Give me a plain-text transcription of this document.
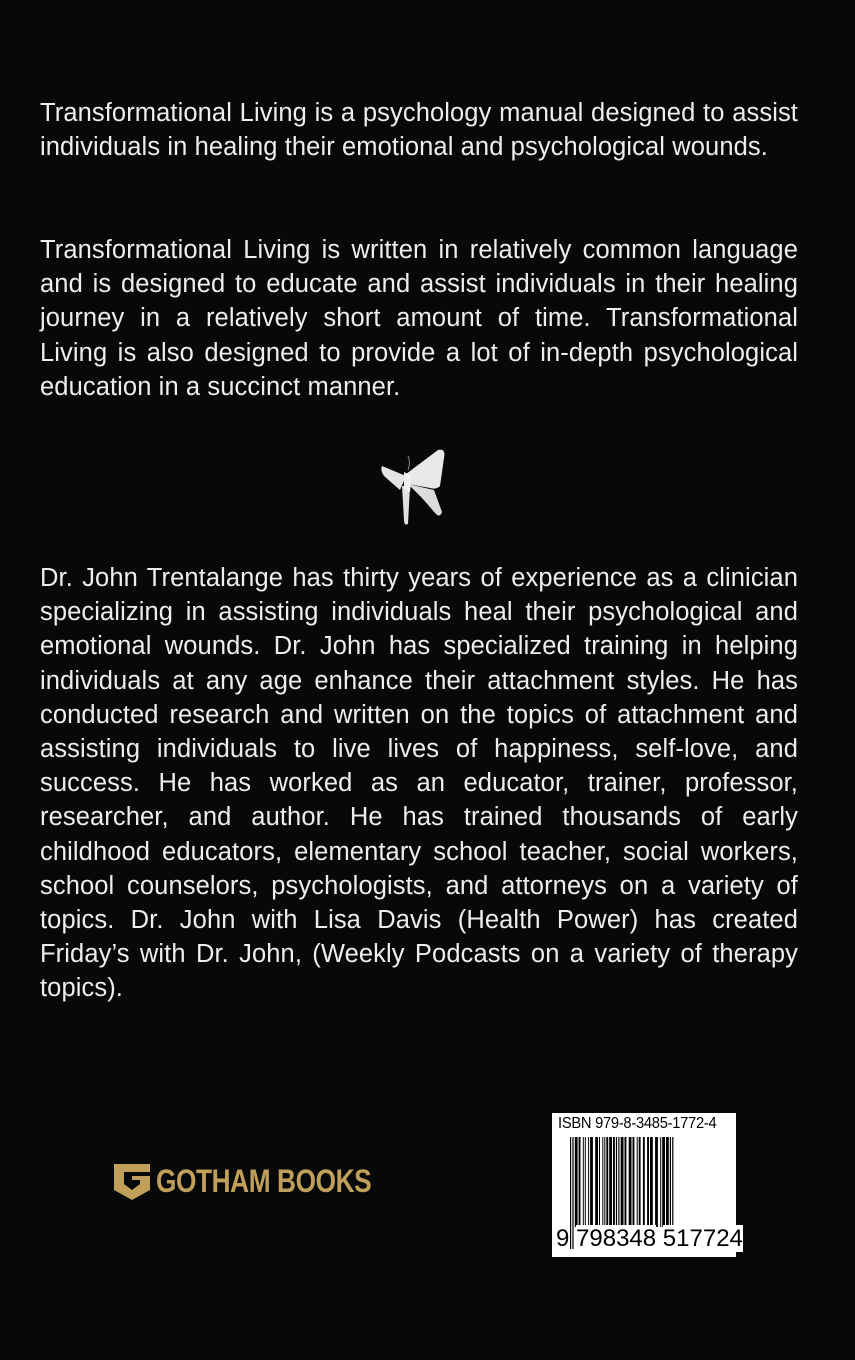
Transformational Living is a psychology manual designed to assist individuals in healing their emotional and psychological wounds.

Transformational Living is written in relatively common language and is designed to educate and assist individuals in their healing journey in a relatively short amount of time. Transformational Living is also designed to provide a lot of in-depth psychological education in a succinct manner.

Dr. John Trentalange has thirty years of experience as a clinician specializing in assisting individuals heal their psychological and emotional wounds. Dr. John has specialized training in helping individuals at any age enhance their attachment styles. He has conducted research and written on the topics of attachment and assisting individuals to live lives of happiness, self-love, and success. He has worked as an educator, trainer, professor, researcher, and author. He has trained thousands of early childhood educators, elementary school teacher, social workers, school counselors, psychologists, and attorneys on a variety of topics. Dr. John with Lisa Davis (Health Power) has created Friday’s with Dr. John, (Weekly Podcasts on a variety of therapy topics).

GOTHAM BOOKS
ISBN 979-8-3485-1772-4
9 798348 517724
